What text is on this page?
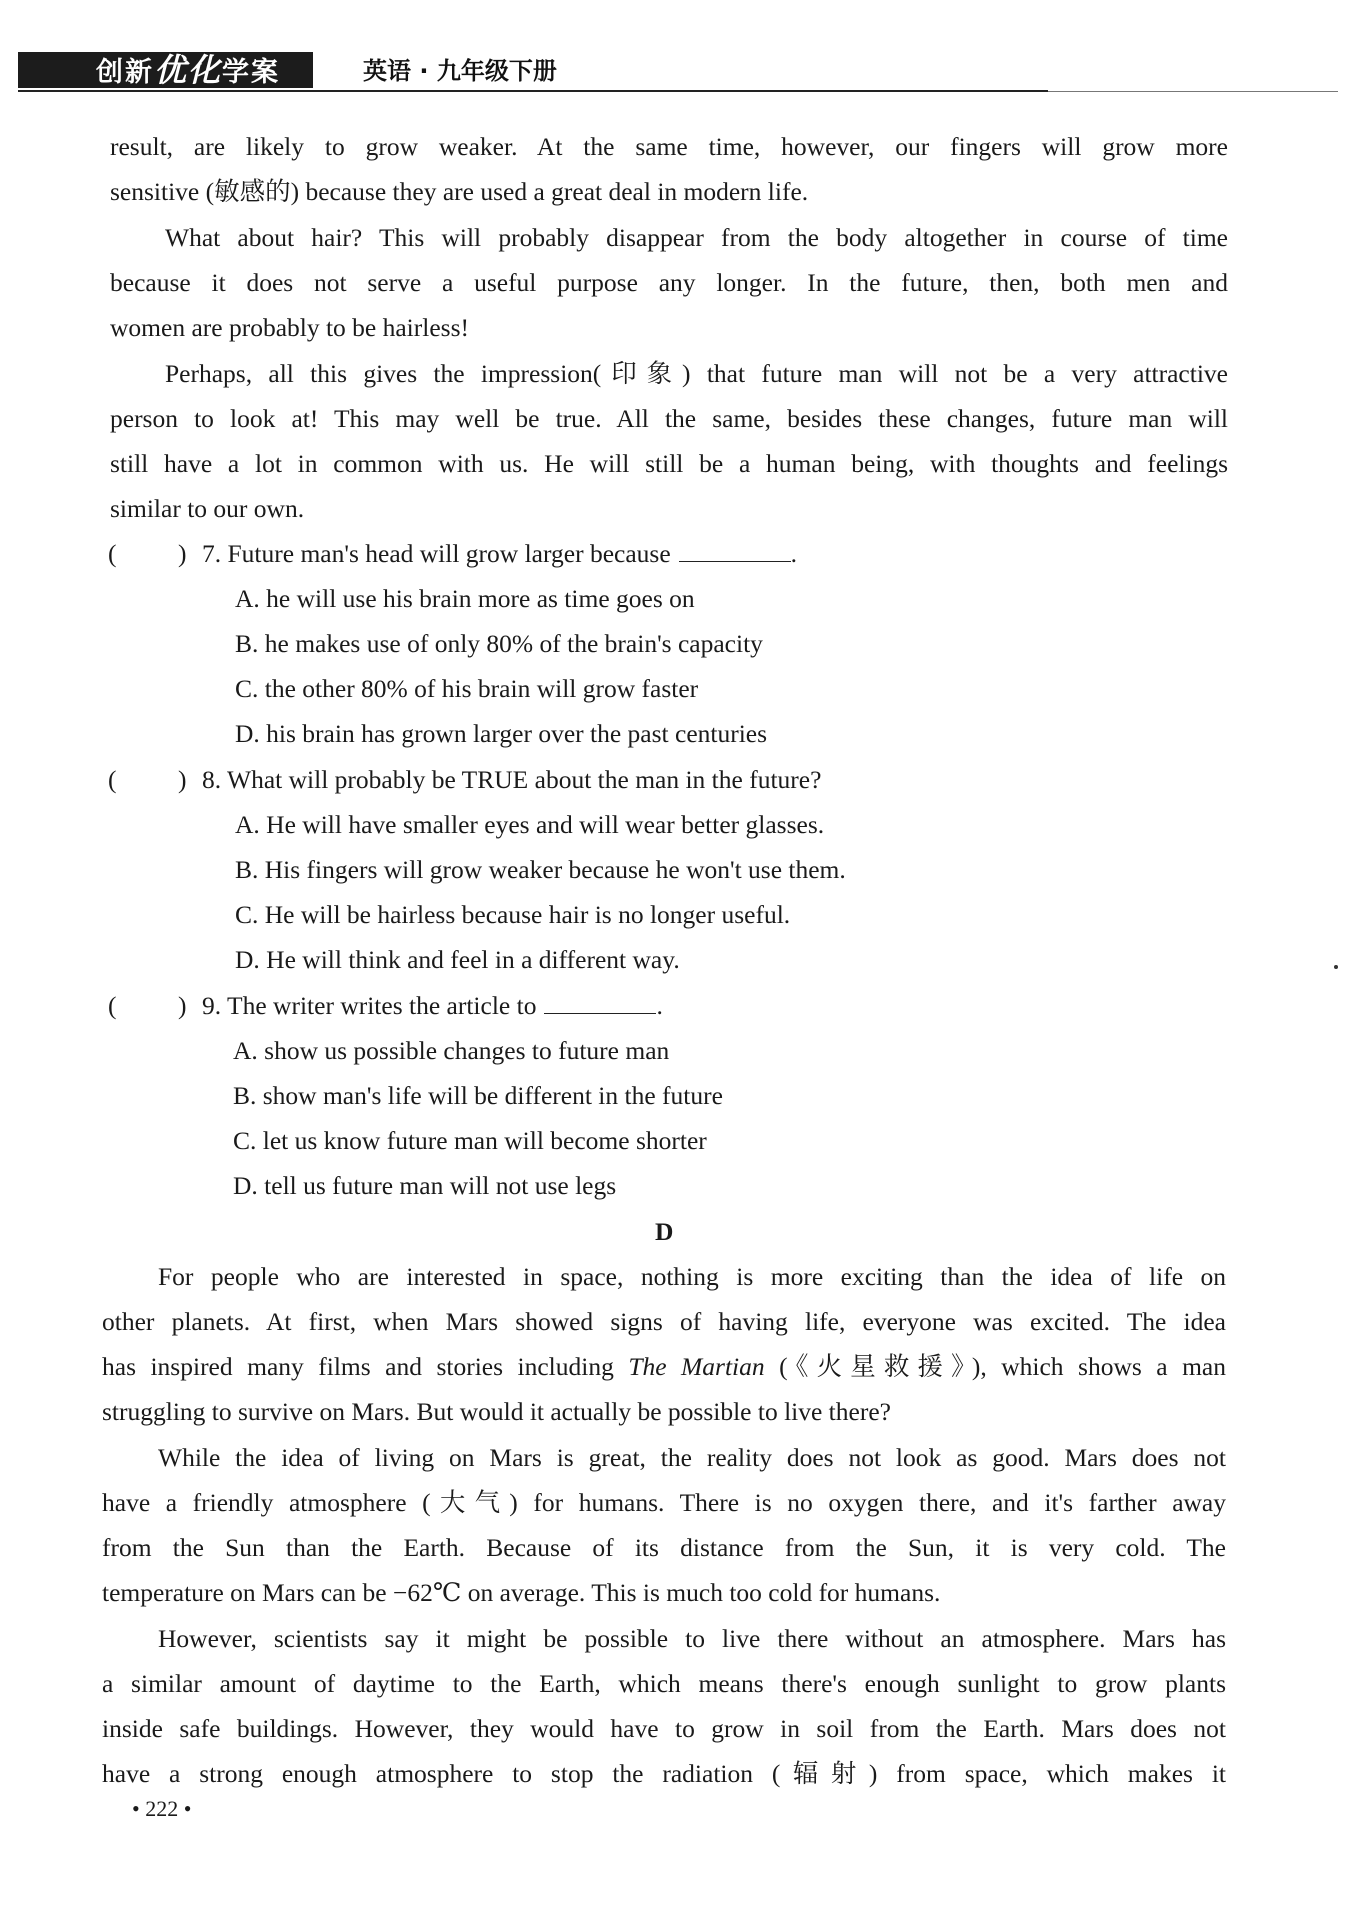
创新优化学案	英语 · 九年级下册
result, are likely to grow weaker. At the same time, however, our fingers will grow more
sensitive (敏感的) because they are used a great deal in modern life.
What about hair? This will probably disappear from the body altogether in course of time
because it does not serve a useful purpose any longer. In the future, then, both men and
women are probably to be hairless!
Perhaps, all this gives the impression(印象) that future man will not be a very attractive
person to look at! This may well be true. All the same, besides these changes, future man will
still have a lot in common with us. He will still be a human being, with thoughts and feelings
similar to our own.
( ) 7. Future man's head will grow larger because	.
A. he will use his brain more as time goes on
B. he makes use of only 80% of the brain's capacity
C. the other 80% of his brain will grow faster
D. his brain has grown larger over the past centuries
( ) 8. What will probably be TRUE about the man in the future?
A. He will have smaller eyes and will wear better glasses.
B. His fingers will grow weaker because he won't use them.
C. He will be hairless because hair is no longer useful.
D. He will think and feel in a different way.
( ) 9. The writer writes the article to	.
A. show us possible changes to future man
B. show man's life will be different in the future
C. let us know future man will become shorter
D. tell us future man will not use legs
D
For people who are interested in space, nothing is more exciting than the idea of life on
other planets. At first, when Mars showed signs of having life, everyone was excited. The idea
has inspired many films and stories including The Martian (《火星救援》), which shows a man
struggling to survive on Mars. But would it actually be possible to live there?
While the idea of living on Mars is great, the reality does not look as good. Mars does not
have a friendly atmosphere (大气) for humans. There is no oxygen there, and it's farther away
from the Sun than the Earth. Because of its distance from the Sun, it is very cold. The
temperature on Mars can be −62℃ on average. This is much too cold for humans.
However, scientists say it might be possible to live there without an atmosphere. Mars has
a similar amount of daytime to the Earth, which means there's enough sunlight to grow plants
inside safe buildings. However, they would have to grow in soil from the Earth. Mars does not
have a strong enough atmosphere to stop the radiation (辐射) from space, which makes it
• 222 •
